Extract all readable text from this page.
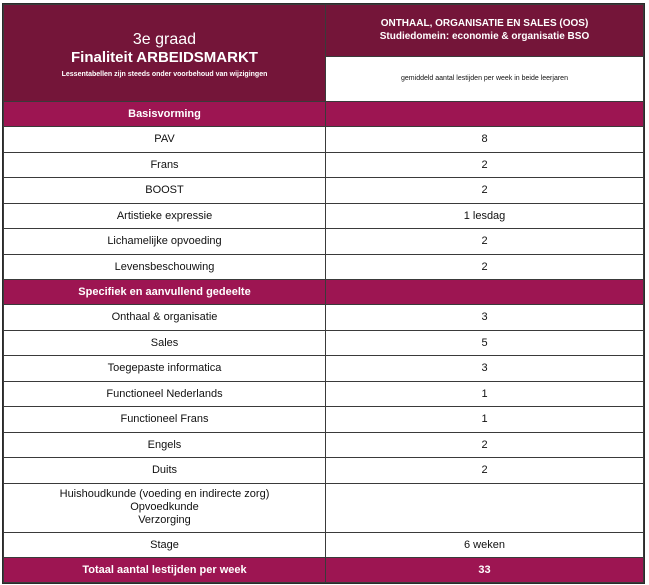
3e graad
Finaliteit ARBEIDSMARKT
Lessentabellen zijn steeds onder voorbehoud van wijzigingen	ONTHAAL, ORGANISATIE EN SALES (OOS)
Studiedomein: economie & organisatie BSO

	gemiddeld aantal lestijden per week in beide leerjaren
Basisvorming	
PAV	8
Frans	2
BOOST	2
Artistieke expressie	1 lesdag
Lichamelijke opvoeding	2
Levensbeschouwing	2
Specifiek en aanvullend gedeelte	
Onthaal & organisatie	3
Sales	5
Toegepaste informatica	3
Functioneel Nederlands	1
Functioneel Frans	1
Engels	2
Duits	2

Huishoudkunde (voeding en indirecte zorg)
Opvoedkunde
Verzorging	

Stage	6 weken
Totaal aantal lestijden per week	33
